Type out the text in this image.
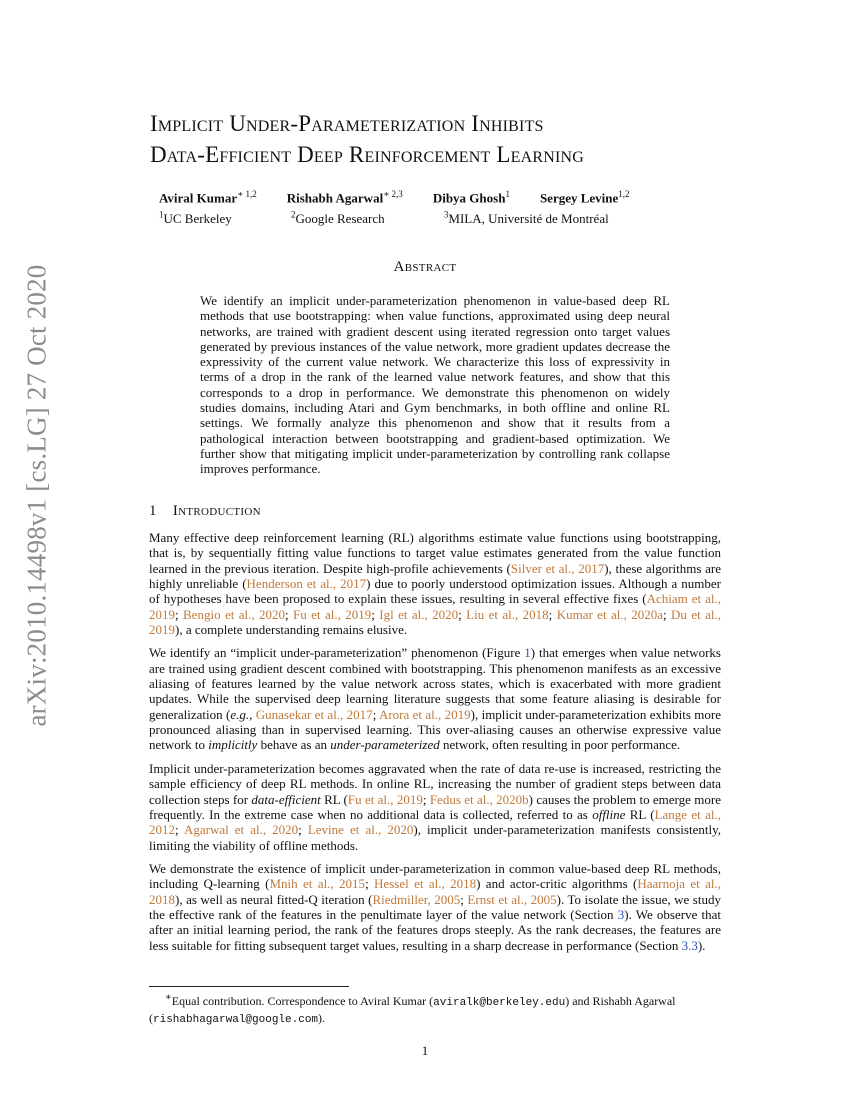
arXiv:2010.14498v1 [cs.LG] 27 Oct 2020
Implicit Under-Parameterization Inhibits
Data-Efficient Deep Reinforcement Learning
Aviral Kumar$^{∗ 1,2}$ Rishabh Agarwal$^{∗ 2,3}$ Dibya Ghosh$^1$ Sergey Levine$^{1,2}$
$^1$UC Berkeley	$^2$Google Research	$^3$MILA, Université de Montréal
Abstract
We identify an implicit under-parameterization phenomenon in value-based deep RL methods that use bootstrapping: when value functions, approximated using deep neural networks, are trained with gradient descent using iterated regression onto target values generated by previous instances of the value network, more gradient updates decrease the expressivity of the current value network. We characterize this loss of expressivity in terms of a drop in the rank of the learned value network features, and show that this corresponds to a drop in performance. We demonstrate this phenomenon on widely studies domains, including Atari and Gym benchmarks, in both offline and online RL settings. We formally analyze this phenomenon and show that it results from a pathological interaction between bootstrapping and gradient-based optimization. We further show that mitigating implicit under-parameterization by controlling rank collapse improves performance.
1 Introduction

Many effective deep reinforcement learning (RL) algorithms estimate value functions using bootstrapping, that is, by sequentially fitting value functions to target value estimates generated from the value function learned in the previous iteration. Despite high-profile achievements (Silver et al., 2017), these algorithms are highly unreliable (Henderson et al., 2017) due to poorly understood optimization issues. Although a number of hypotheses have been proposed to explain these issues, resulting in several effective fixes (Achiam et al., 2019; Bengio et al., 2020; Fu et al., 2019; Igl et al., 2020; Liu et al., 2018; Kumar et al., 2020a; Du et al., 2019), a complete understanding remains elusive.

We identify an “implicit under-parameterization” phenomenon (Figure 1) that emerges when value networks are trained using gradient descent combined with bootstrapping. This phenomenon manifests as an excessive aliasing of features learned by the value network across states, which is exacerbated with more gradient updates. While the supervised deep learning literature suggests that some feature aliasing is desirable for generalization (e.g., Gunasekar et al., 2017; Arora et al., 2019), implicit under-parameterization exhibits more pronounced aliasing than in supervised learning. This over-aliasing causes an otherwise expressive value network to implicitly behave as an under-parameterized network, often resulting in poor performance.

Implicit under-parameterization becomes aggravated when the rate of data re-use is increased, restricting the sample efficiency of deep RL methods. In online RL, increasing the number of gradient steps between data collection steps for data-efficient RL (Fu et al., 2019; Fedus et al., 2020b) causes the problem to emerge more frequently. In the extreme case when no additional data is collected, referred to as offline RL (Lange et al., 2012; Agarwal et al., 2020; Levine et al., 2020), implicit under-parameterization manifests consistently, limiting the viability of offline methods.

We demonstrate the existence of implicit under-parameterization in common value-based deep RL methods, including Q-learning (Mnih et al., 2015; Hessel et al., 2018) and actor-critic algorithms (Haarnoja et al., 2018), as well as neural fitted-Q iteration (Riedmiller, 2005; Ernst et al., 2005). To isolate the issue, we study the effective rank of the features in the penultimate layer of the value network (Section 3). We observe that after an initial learning period, the rank of the features drops steeply. As the rank decreases, the features are less suitable for fitting subsequent target values, resulting in a sharp decrease in performance (Section 3.3).

∗Equal contribution. Correspondence to Aviral Kumar (aviralk@berkeley.edu) and Rishabh Agarwal
(rishabhagarwal@google.com).
1
